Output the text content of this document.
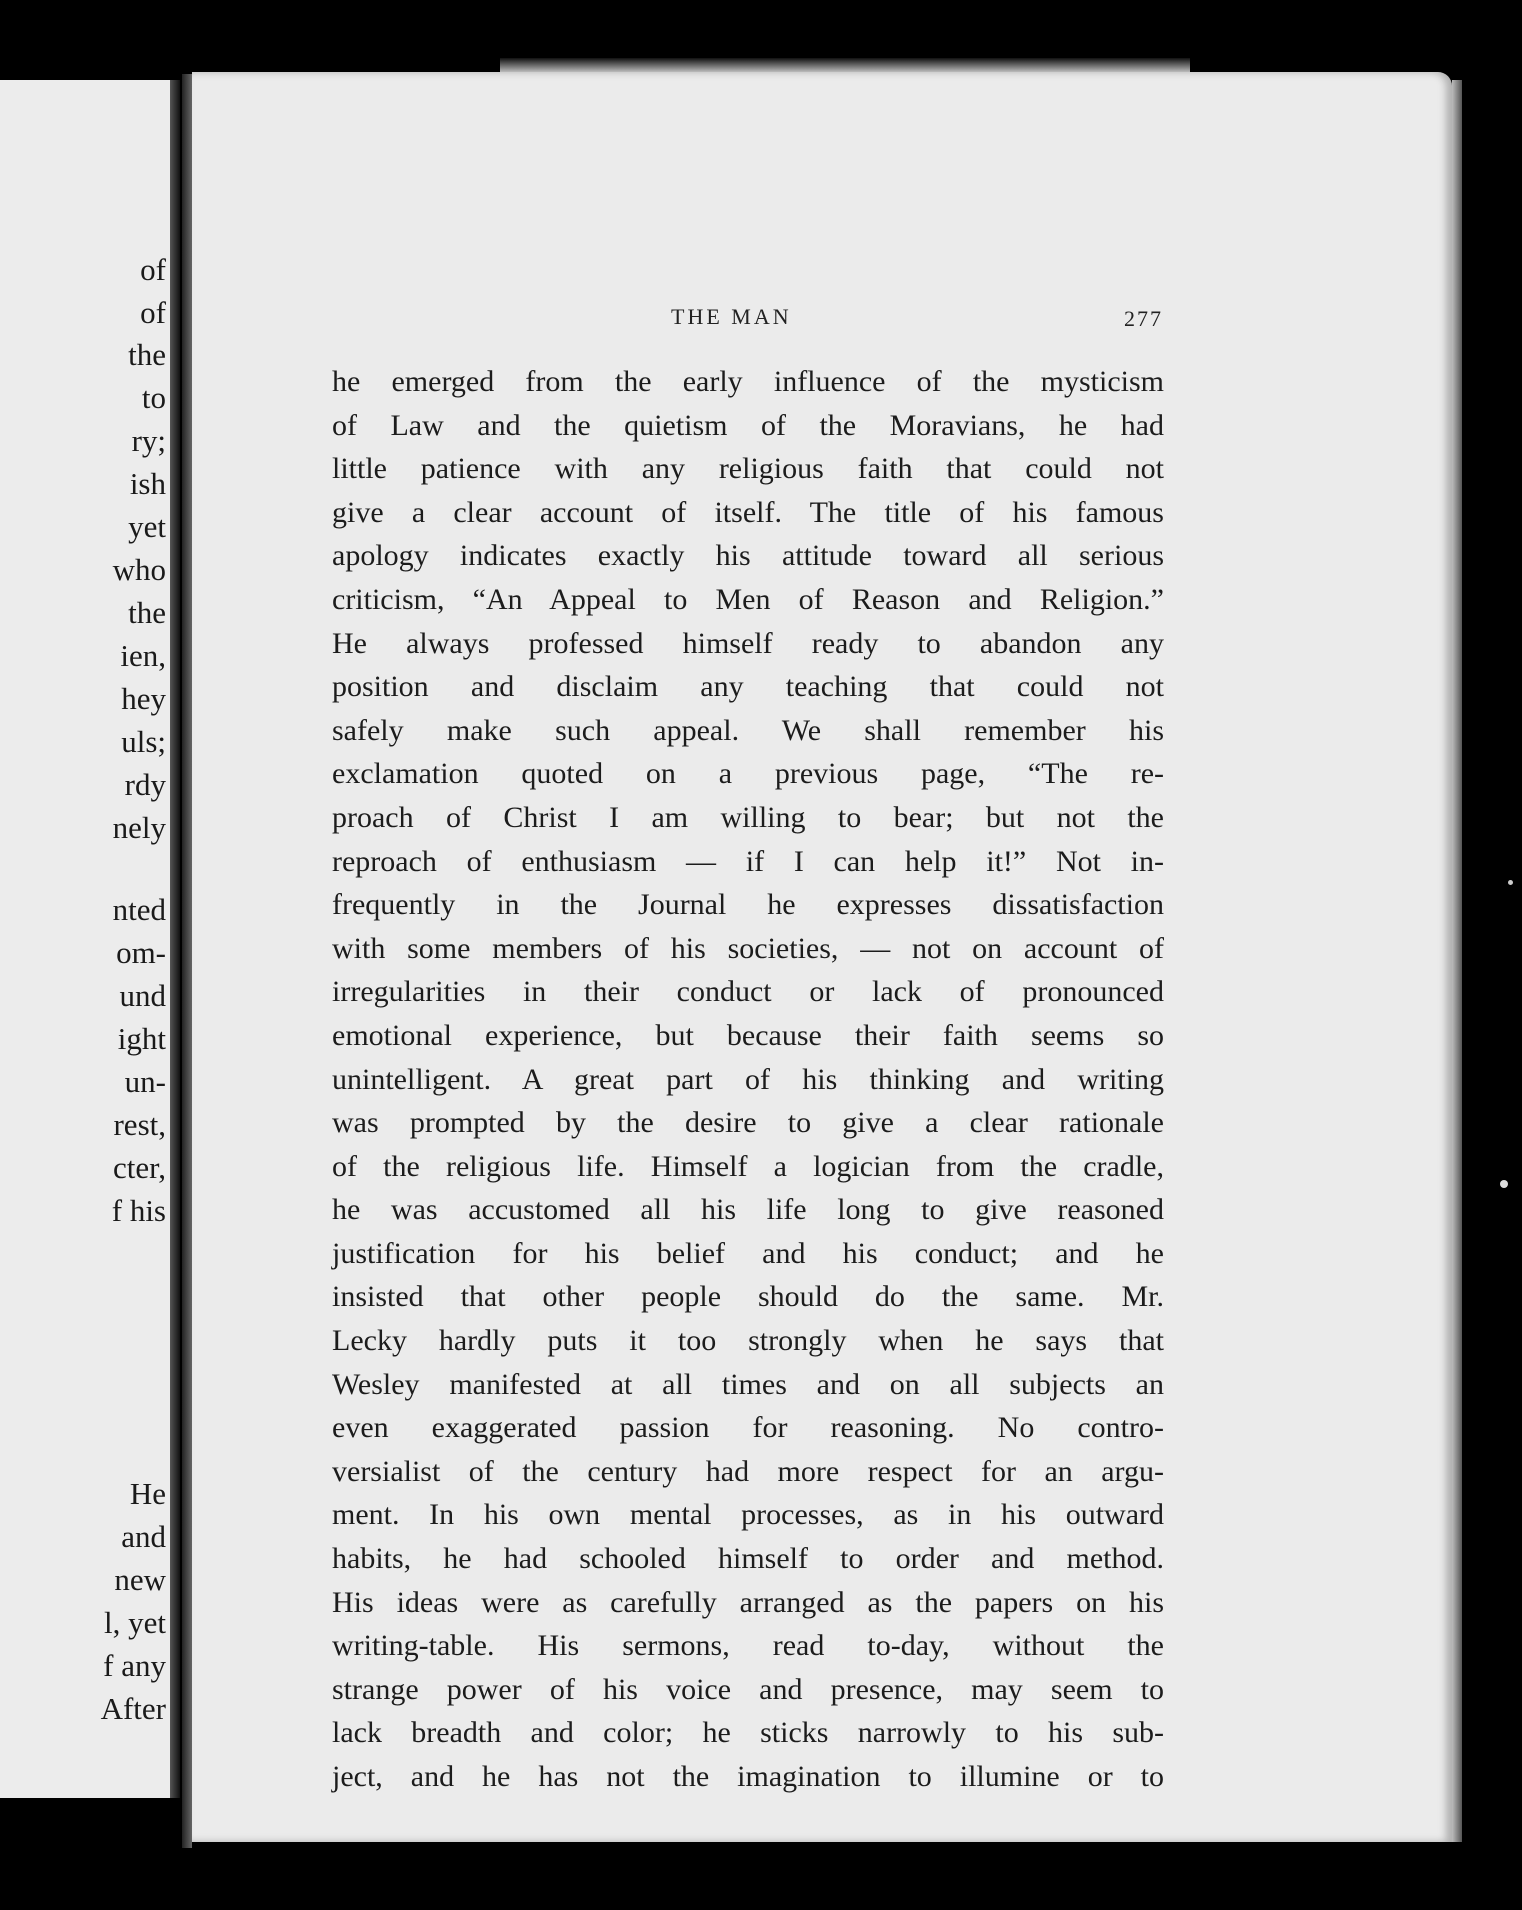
of
of
the
to
ry;
ish
yet
who
the
ien,
hey
uls;
rdy
nely
nted
om-
und
ight
un-
rest,
cter,
f his
He
and
new
l, yet
f any
After
THE MAN	277
he emerged from the early influence of the mysticism
of Law and the quietism of the Moravians, he had
little patience with any religious faith that could not
give a clear account of itself. The title of his famous
apology indicates exactly his attitude toward all serious
criticism, “An Appeal to Men of Reason and Religion.”
He always professed himself ready to abandon any
position and disclaim any teaching that could not
safely make such appeal. We shall remember his
exclamation quoted on a previous page, “The re-
proach of Christ I am willing to bear; but not the
reproach of enthusiasm — if I can help it!” Not in-
frequently in the Journal he expresses dissatisfaction
with some members of his societies, — not on account of
irregularities in their conduct or lack of pronounced
emotional experience, but because their faith seems so
unintelligent. A great part of his thinking and writing
was prompted by the desire to give a clear rationale
of the religious life. Himself a logician from the cradle,
he was accustomed all his life long to give reasoned
justification for his belief and his conduct; and he
insisted that other people should do the same. Mr.
Lecky hardly puts it too strongly when he says that
Wesley manifested at all times and on all subjects an
even exaggerated passion for reasoning. No contro-
versialist of the century had more respect for an argu-
ment. In his own mental processes, as in his outward
habits, he had schooled himself to order and method.
His ideas were as carefully arranged as the papers on his
writing-table. His sermons, read to-day, without the
strange power of his voice and presence, may seem to
lack breadth and color; he sticks narrowly to his sub-
ject, and he has not the imagination to illumine or to
